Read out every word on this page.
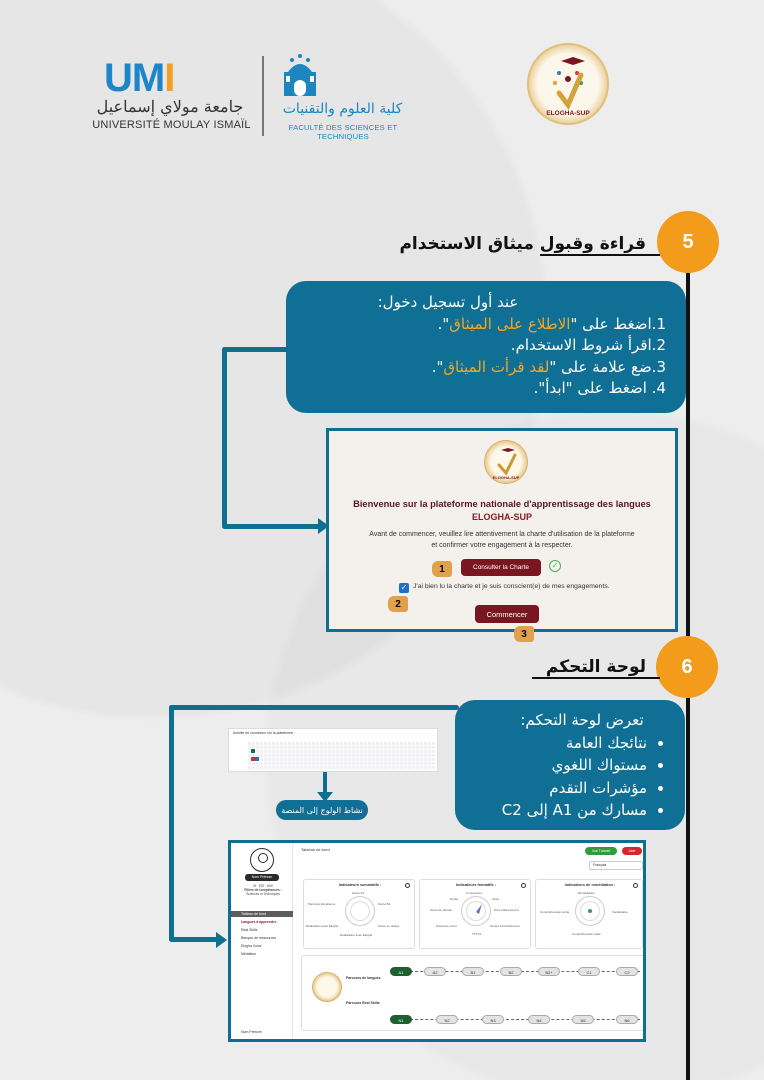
UMI
جامعة مولاي إسماعيل
UNIVERSITÉ MOULAY ISMAÏL
كلية العلوم والتقنيات
FACULTÉ DES SCIENCES ET TECHNIQUES
ELOGHA-SUP
5
قراءة وقبول ميثاق الاستخدام
عند أول تسجيل دخول:
1.اضغط على "الاطلاع على الميثاق".
2.اقرأ شروط الاستخدام.
3.ضع علامة على "لقد قرأت الميثاق".
4. اضغط على "ابدأ".
ELOGHA-SUP
Bienvenue sur la plateforme nationale d'apprentissage des langues
ELOGHA-SUP
Avant de commencer, veuillez lire attentivement la charte d'utilisation de la plateforme et confirmer votre engagement à la respecter.
Consulter la Charte	✓
✓ J'ai bien lu la charte et je suis conscient(e) de mes engagements.
Commencer
1
2
3
6
لوحة التحكم
تعرض لوحة التحكم:
• نتائجك العامة
• مستواك اللغوي
• مؤشرات التقدم
• مسارك من A1 إلى C2
Activité de connexion sur la plateforme :
نشاط الولوج إلى المنصة
Nom Prénom
M · ESI · UMI
Filière de compétences :
Sciences et Techniques
Tableau de bord
Langues à apprendre
Real Skills
Banque de ressources
Elogha Voice
Médiation
Nom Prénom
Tableau de bord	Voir Tutoriel	Aide
Français
Indicateurs sommatifs :
Score A1
Parcours Excellence	Score B1
Réalisation avec Elogha	Score en classe
Réalisation avec Elogha
Indicateurs formatifs :
Connexions
Durée	Tests
Score du dernier	Tous traités leçons
Présence cours	Temps d'entraînement
TTS %
Indicateurs de remédiation :
Remédiation
Compréhension écrite	Vocabulaire
Compréhension orale
Parcours de langues
Parcours Real Skills
A1	A2	B1	B2	B2+	C1	C2
N1	N2	N3	N4	N5	N6
